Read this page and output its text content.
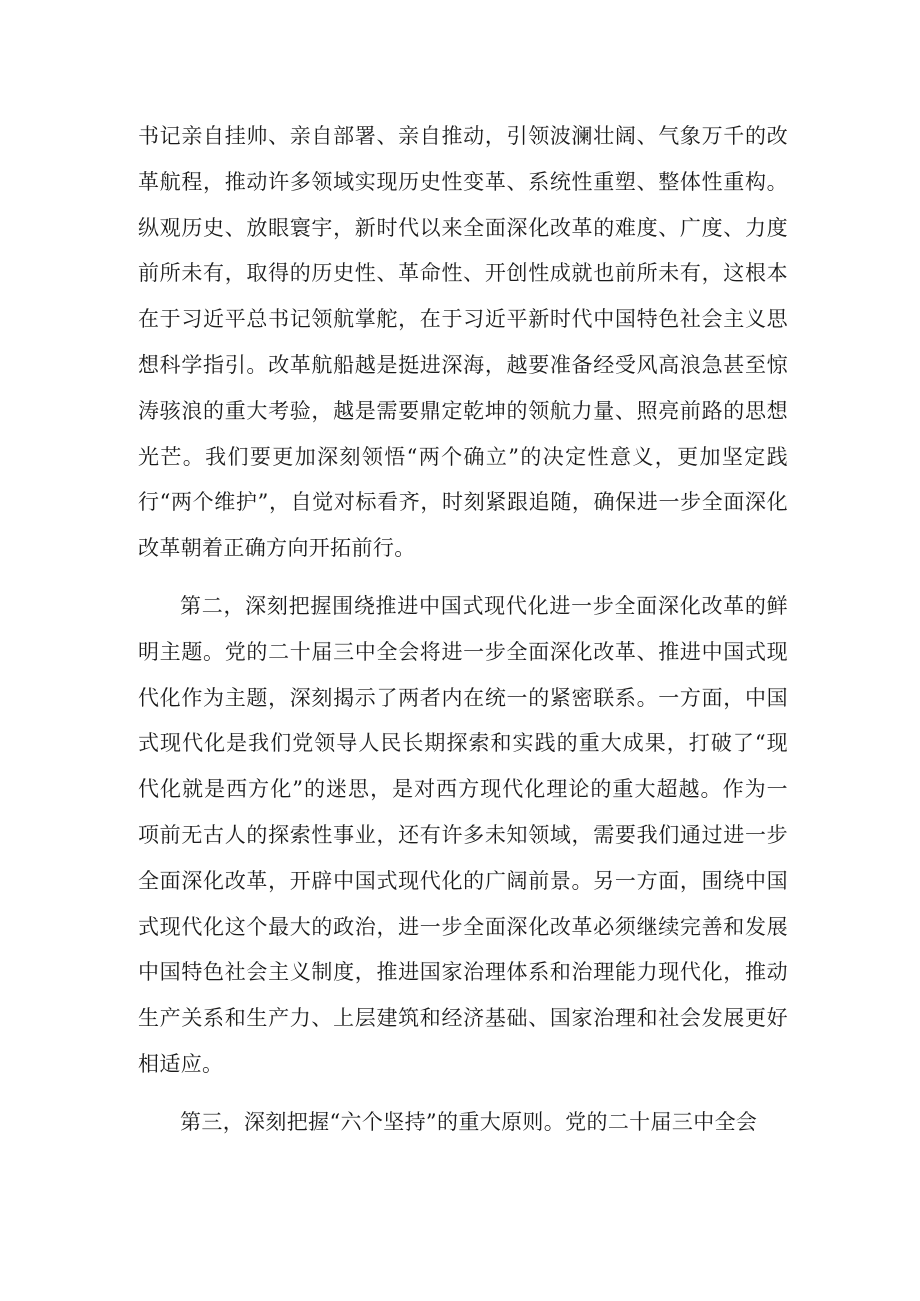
书记亲自挂帅、亲自部署、亲自推动，引领波澜壮阔、气象万千的改革航程，推动许多领域实现历史性变革、系统性重塑、整体性重构。纵观历史、放眼寰宇，新时代以来全面深化改革的难度、广度、力度前所未有，取得的历史性、革命性、开创性成就也前所未有，这根本在于习近平总书记领航掌舵，在于习近平新时代中国特色社会主义思想科学指引。改革航船越是挺进深海，越要准备经受风高浪急甚至惊涛骇浪的重大考验，越是需要鼎定乾坤的领航力量、照亮前路的思想光芒。我们要更加深刻领悟“两个确立”的决定性意义，更加坚定践行“两个维护”，自觉对标看齐，时刻紧跟追随，确保进一步全面深化改革朝着正确方向开拓前行。

第二，深刻把握围绕推进中国式现代化进一步全面深化改革的鲜明主题。党的二十届三中全会将进一步全面深化改革、推进中国式现代化作为主题，深刻揭示了两者内在统一的紧密联系。一方面，中国式现代化是我们党领导人民长期探索和实践的重大成果，打破了“现代化就是西方化”的迷思，是对西方现代化理论的重大超越。作为一项前无古人的探索性事业，还有许多未知领域，需要我们通过进一步全面深化改革，开辟中国式现代化的广阔前景。另一方面，围绕中国式现代化这个最大的政治，进一步全面深化改革必须继续完善和发展中国特色社会主义制度，推进国家治理体系和治理能力现代化，推动生产关系和生产力、上层建筑和经济基础、国家治理和社会发展更好相适应。

第三，深刻把握“六个坚持”的重大原则。党的二十届三中全会
